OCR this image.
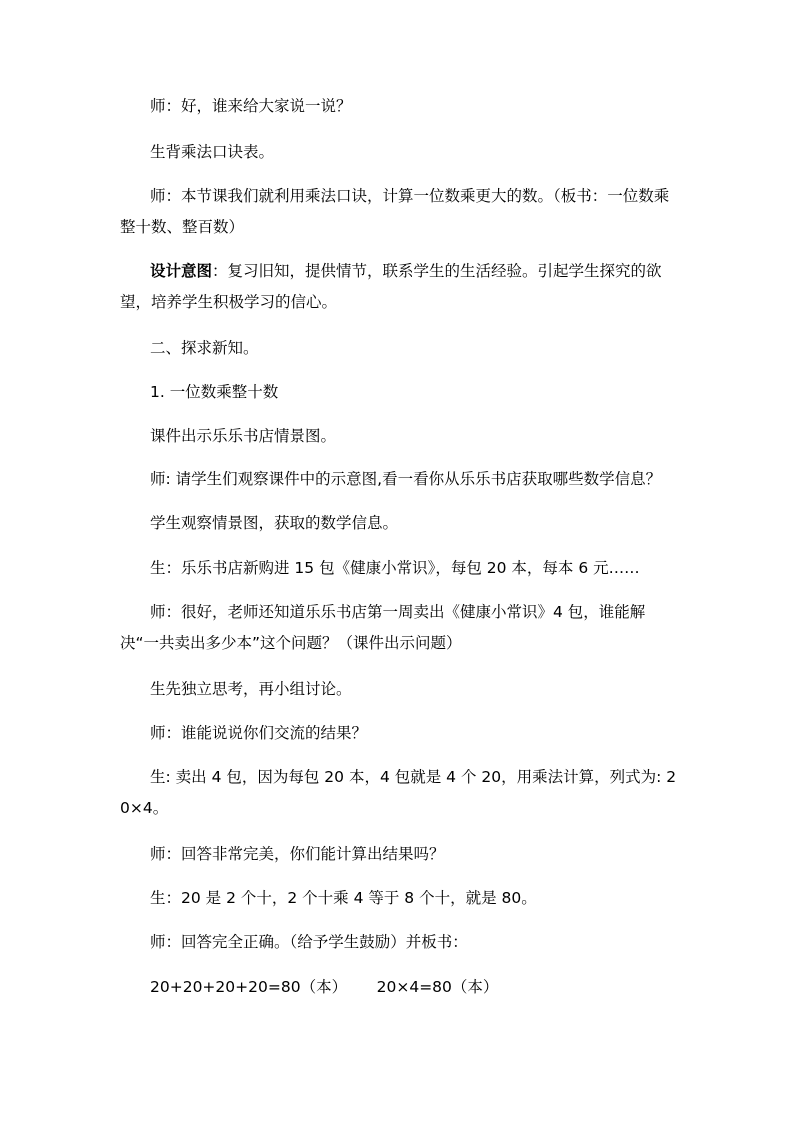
师：好，谁来给大家说一说？

生背乘法口诀表。

师：本节课我们就利用乘法口诀，计算一位数乘更大的数。（板书：一位数乘整十数、整百数）

设计意图：复习旧知，提供情节，联系学生的生活经验。引起学生探究的欲望，培养学生积极学习的信心。

二、探求新知。

1. 一位数乘整十数

课件出示乐乐书店情景图。

师: 请学生们观察课件中的示意图,看一看你从乐乐书店获取哪些数学信息？

学生观察情景图，获取的数学信息。

生：乐乐书店新购进 15 包《健康小常识》，每包 20 本，每本 6 元……

师：很好，老师还知道乐乐书店第一周卖出《健康小常识》4 包，谁能解决“一共卖出多少本”这个问题？（课件出示问题）

生先独立思考，再小组讨论。

师：谁能说说你们交流的结果？

生: 卖出 4 包，因为每包 20 本，4 包就是 4 个 20，用乘法计算，列式为: 20×4。

师：回答非常完美，你们能计算出结果吗？

生：20 是 2 个十，2 个十乘 4 等于 8 个十，就是 80。

师：回答完全正确。（给予学生鼓励）并板书：

20+20+20+20=80（本）      20×4=80（本）
